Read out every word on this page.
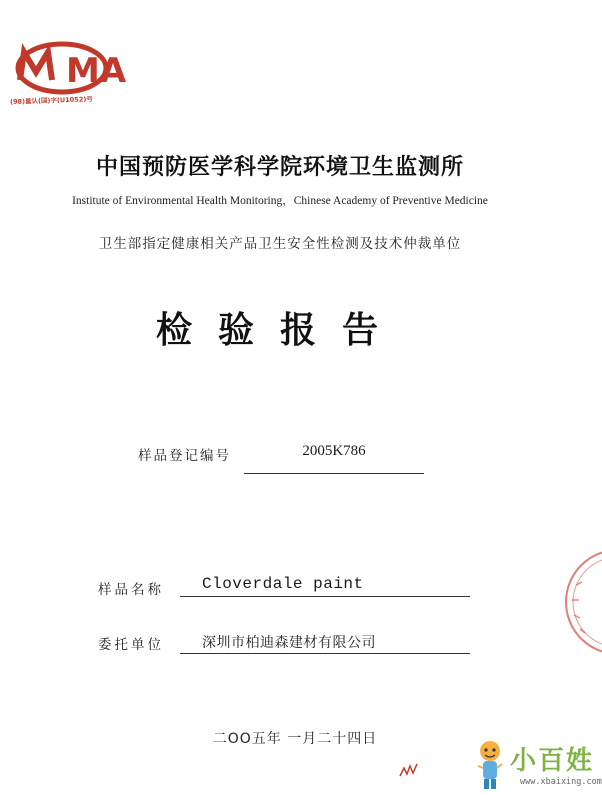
MA
(98)量认(国)字(U1052)号
中国预防医学科学院环境卫生监测所
Institute of Environmental Health Monitoring，Chinese Academy of Preventive Medicine
卫生部指定健康相关产品卫生安全性检测及技术仲裁单位
检验报告
样品登记编号	2005K786
样品名称 Cloverdale paint
委托单位	深圳市柏迪森建材有限公司
二OO五年 一月二十四日
小百姓
www.xbaixing.com
